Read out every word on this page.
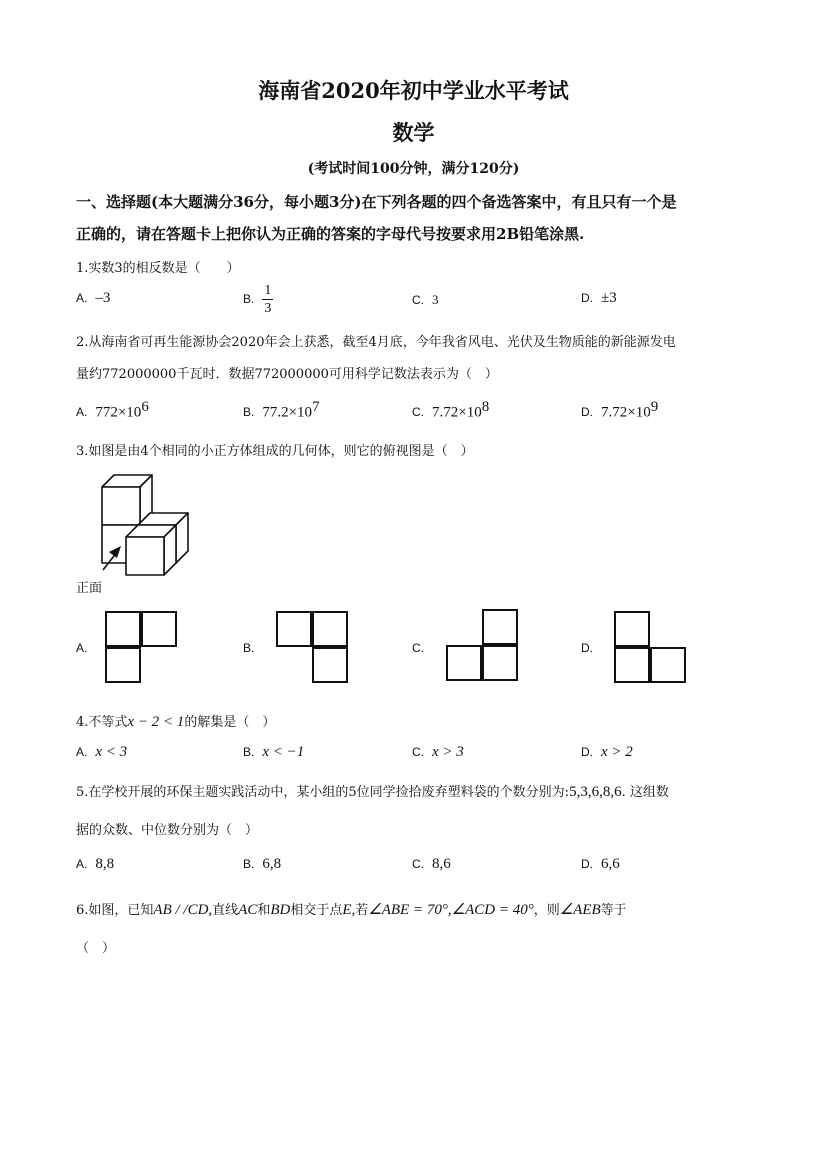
海南省2020年初中学业水平考试
数学
(考试时间100分钟，满分120分)
一、选择题(本大题满分36分，每小题3分)在下列各题的四个备选答案中，有且只有一个是
正确的，请在答题卡上把你认为正确的答案的字母代号按要求用2B铅笔涂黑.
1.实数3的相反数是（　　）
A. –3	B. $\frac{1}{3}$	C. 3	D. ±3
2.从海南省可再生能源协会2020年会上获悉，截至4月底，今年我省风电、光伏及生物质能的新能源发电
量约772000000千瓦时．数据772000000可用科学记数法表示为（　）
A. $772\times 10^6$	B. $77.2\times 10^7$	C. $7.72\times 10^8$	D. $7.72\times 10^9$
3.如图是由4个相同的小正方体组成的几何体，则它的俯视图是（　）
正面
A.	B.	C.	D.
4.不等式x − 2 < 1的解集是（　）
A. x < 3	B. x < −1	C. x > 3	D. x > 2
5.在学校开展的环保主题实践活动中，某小组的5位同学捡拾废弃塑料袋的个数分别为:5,3,6,8,6. 这组数
据的众数、中位数分别为（　）
A. 8,8	B. 6,8	C. 8,6	D. 6,6
6.如图，已知AB / /CD,直线AC和BD相交于点E,若∠ABE = 70°,∠ACD = 40°，则∠AEB等于
（　）
